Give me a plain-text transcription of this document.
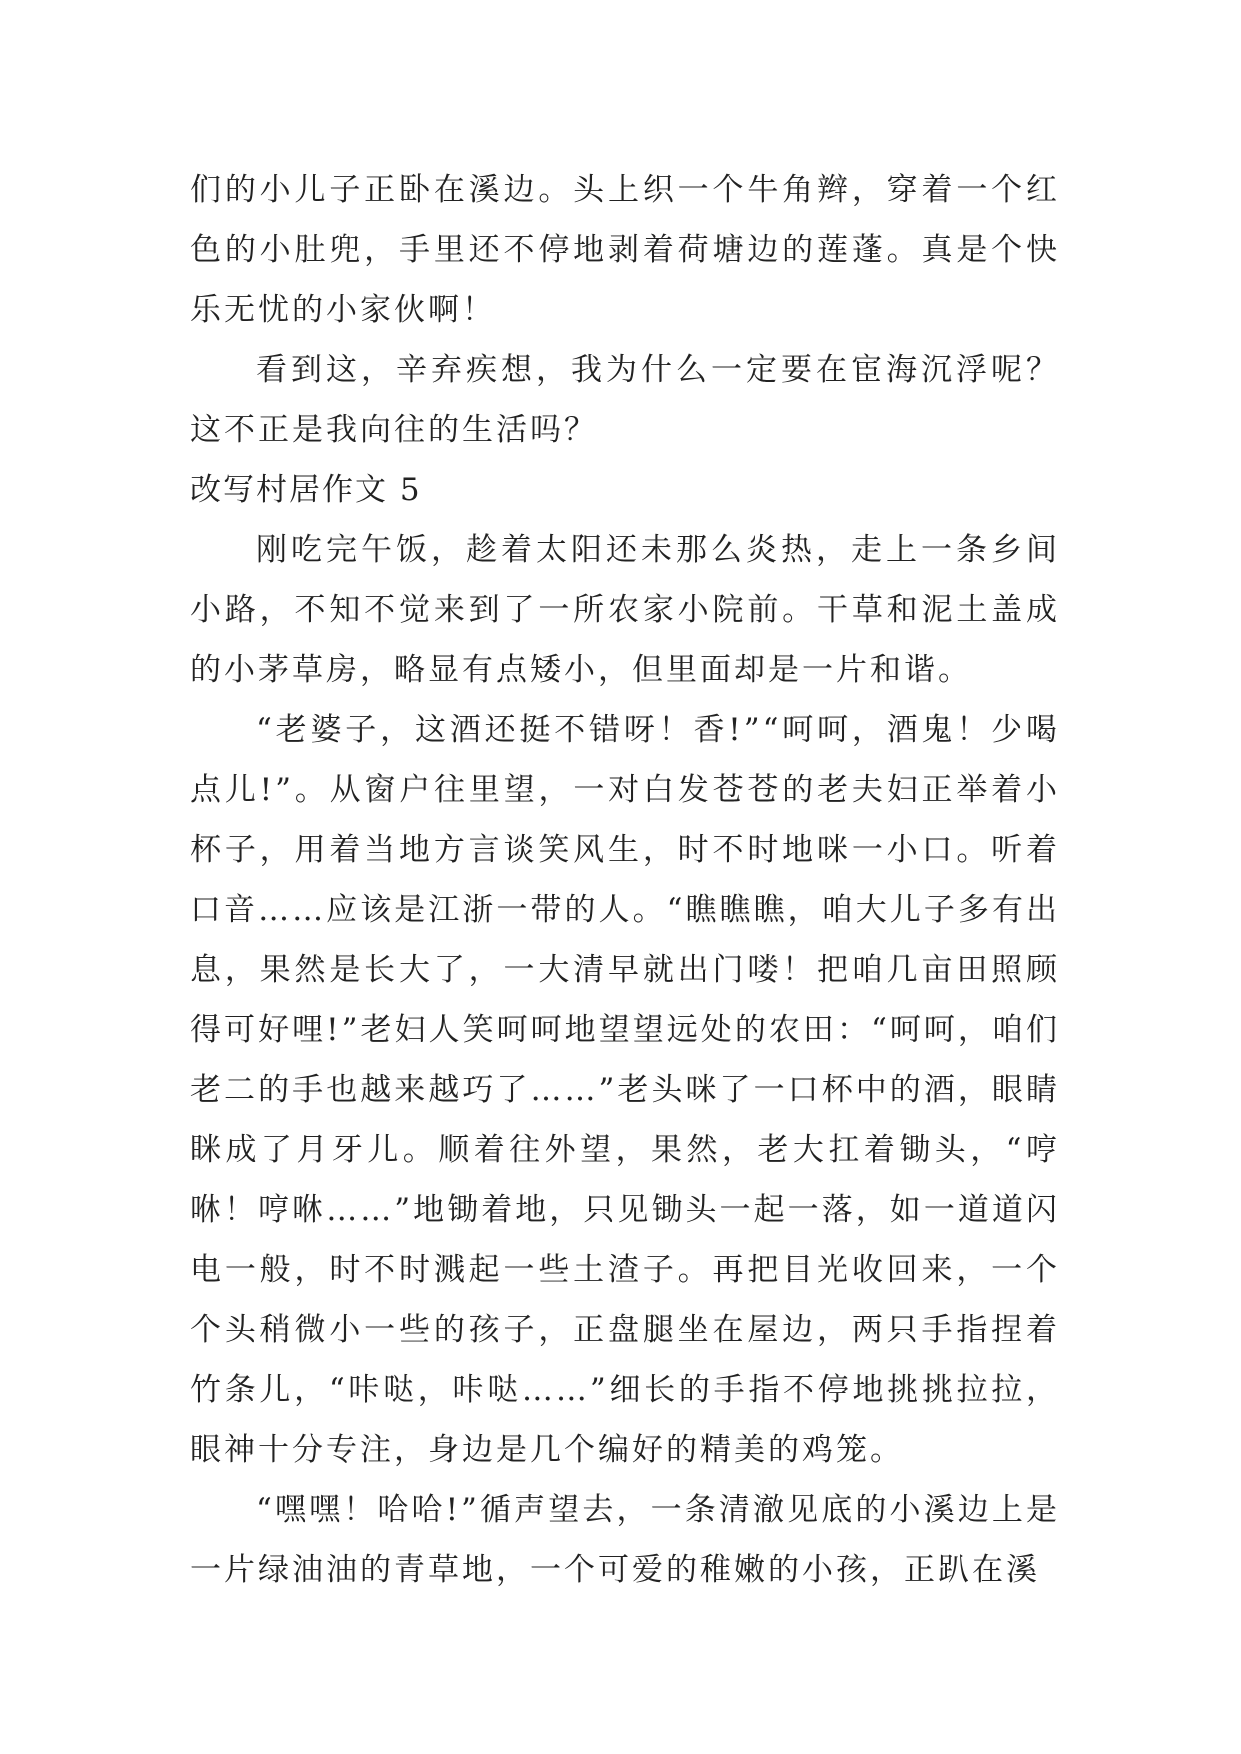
们的小儿子正卧在溪边。头上织一个牛角辫，穿着一个红色的小肚兜，手里还不停地剥着荷塘边的莲蓬。真是个快乐无忧的小家伙啊！

看到这，辛弃疾想，我为什么一定要在宦海沉浮呢？这不正是我向往的生活吗？

改写村居作文 5

刚吃完午饭，趁着太阳还未那么炎热，走上一条乡间小路，不知不觉来到了一所农家小院前。干草和泥土盖成的小茅草房，略显有点矮小，但里面却是一片和谐。

“老婆子，这酒还挺不错呀！香!”“呵呵，酒鬼！少喝点儿!”。从窗户往里望，一对白发苍苍的老夫妇正举着小杯子，用着当地方言谈笑风生，时不时地咪一小口。听着口音……应该是江浙一带的人。“瞧瞧瞧，咱大儿子多有出息，果然是长大了，一大清早就出门喽！把咱几亩田照顾得可好哩!”老妇人笑呵呵地望望远处的农田：“呵呵，咱们老二的手也越来越巧了……”老头咪了一口杯中的酒，眼睛眯成了月牙儿。顺着往外望，果然，老大扛着锄头，“哼咻！哼咻……”地锄着地，只见锄头一起一落，如一道道闪电一般，时不时溅起一些土渣子。再把目光收回来，一个个头稍微小一些的孩子，正盘腿坐在屋边，两只手指捏着竹条儿，“咔哒，咔哒……”细长的手指不停地挑挑拉拉，眼神十分专注，身边是几个编好的精美的鸡笼。

“嘿嘿！哈哈!”循声望去，一条清澈见底的小溪边上是一片绿油油的青草地，一个可爱的稚嫩的小孩，正趴在溪
